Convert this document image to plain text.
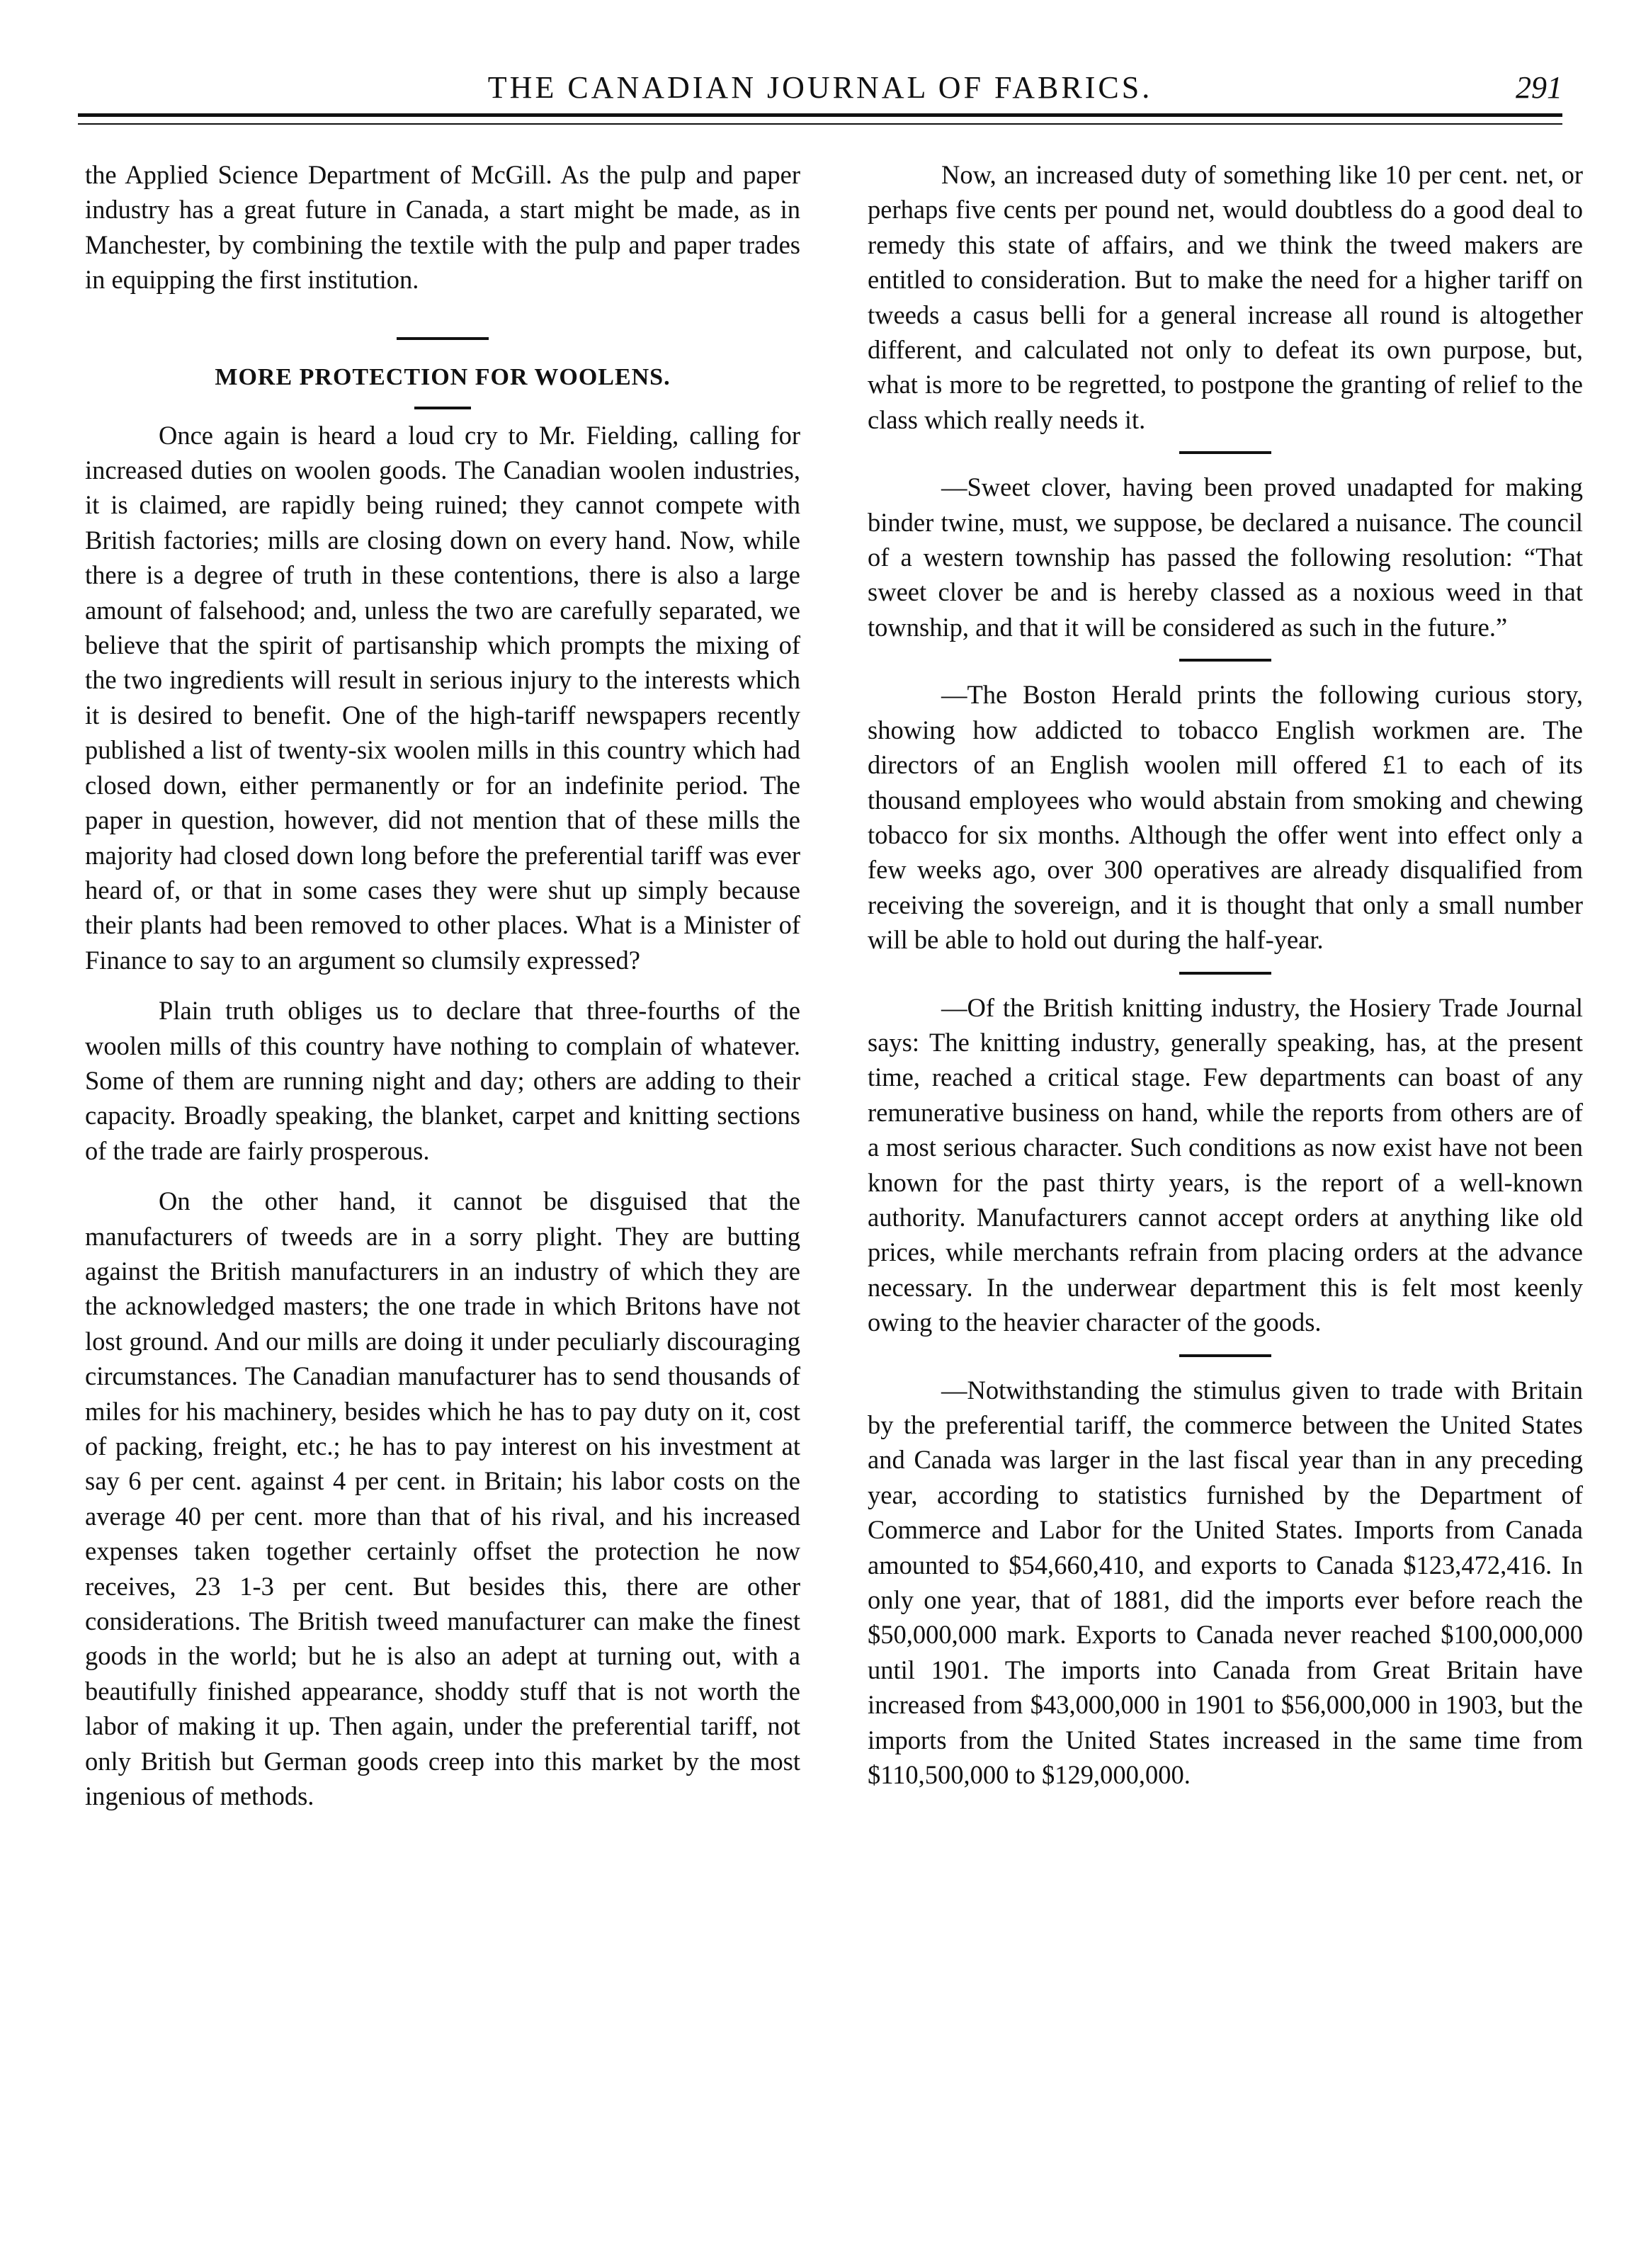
THE CANADIAN JOURNAL OF FABRICS.	291

the Applied Science Department of McGill. As the pulp and paper industry has a great future in Canada, a start might be made, as in Manchester, by combining the textile with the pulp and paper trades in equipping the first institution.

MORE PROTECTION FOR WOOLENS.

Once again is heard a loud cry to Mr. Fielding, calling for increased duties on woolen goods. The Canadian woolen industries, it is claimed, are rapidly being ruined; they cannot compete with British factories; mills are closing down on every hand. Now, while there is a degree of truth in these contentions, there is also a large amount of falsehood; and, unless the two are carefully separated, we believe that the spirit of partisanship which prompts the mixing of the two ingredients will result in serious injury to the interests which it is desired to benefit. One of the high-tariff newspapers recently published a list of twenty-six woolen mills in this country which had closed down, either permanently or for an indefinite period. The paper in question, however, did not mention that of these mills the majority had closed down long before the preferential tariff was ever heard of, or that in some cases they were shut up simply because their plants had been removed to other places. What is a Minister of Finance to say to an argument so clumsily expressed?

Plain truth obliges us to declare that three-fourths of the woolen mills of this country have nothing to complain of whatever. Some of them are running night and day; others are adding to their capacity. Broadly speaking, the blanket, carpet and knitting sections of the trade are fairly prosperous.

On the other hand, it cannot be disguised that the manufacturers of tweeds are in a sorry plight. They are butting against the British manufacturers in an industry of which they are the acknowledged masters; the one trade in which Britons have not lost ground. And our mills are doing it under peculiarly discouraging circumstances. The Canadian manufacturer has to send thousands of miles for his machinery, besides which he has to pay duty on it, cost of packing, freight, etc.; he has to pay interest on his investment at say 6 per cent. against 4 per cent. in Britain; his labor costs on the average 40 per cent. more than that of his rival, and his increased expenses taken together certainly offset the protection he now receives, 23 1-3 per cent. But besides this, there are other considerations. The British tweed manufacturer can make the finest goods in the world; but he is also an adept at turning out, with a beautifully finished appearance, shoddy stuff that is not worth the labor of making it up. Then again, under the preferential tariff, not only British but German goods creep into this market by the most ingenious of methods.

Now, an increased duty of something like 10 per cent. net, or perhaps five cents per pound net, would doubtless do a good deal to remedy this state of affairs, and we think the tweed makers are entitled to consideration. But to make the need for a higher tariff on tweeds a casus belli for a general increase all round is altogether different, and calculated not only to defeat its own purpose, but, what is more to be regretted, to postpone the granting of relief to the class which really needs it.

—Sweet clover, having been proved unadapted for making binder twine, must, we suppose, be declared a nuisance. The council of a western township has passed the following resolution: “That sweet clover be and is hereby classed as a noxious weed in that township, and that it will be considered as such in the future.”

—The Boston Herald prints the following curious story, showing how addicted to tobacco English workmen are. The directors of an English woolen mill offered £1 to each of its thousand employees who would abstain from smoking and chewing tobacco for six months. Although the offer went into effect only a few weeks ago, over 300 operatives are already disqualified from receiving the sovereign, and it is thought that only a small number will be able to hold out during the half-year.

—Of the British knitting industry, the Hosiery Trade Journal says: The knitting industry, generally speaking, has, at the present time, reached a critical stage. Few departments can boast of any remunerative business on hand, while the reports from others are of a most serious character. Such conditions as now exist have not been known for the past thirty years, is the report of a well-known authority. Manufacturers cannot accept orders at anything like old prices, while merchants refrain from placing orders at the advance necessary. In the underwear department this is felt most keenly owing to the heavier character of the goods.

—Notwithstanding the stimulus given to trade with Britain by the preferential tariff, the commerce between the United States and Canada was larger in the last fiscal year than in any preceding year, according to statistics furnished by the Department of Commerce and Labor for the United States. Imports from Canada amounted to $54,660,410, and exports to Canada $123,472,416. In only one year, that of 1881, did the imports ever before reach the $50,000,000 mark. Exports to Canada never reached $100,000,000 until 1901. The imports into Canada from Great Britain have increased from $43,000,000 in 1901 to $56,000,000 in 1903, but the imports from the United States increased in the same time from $110,500,000 to $129,000,000.
